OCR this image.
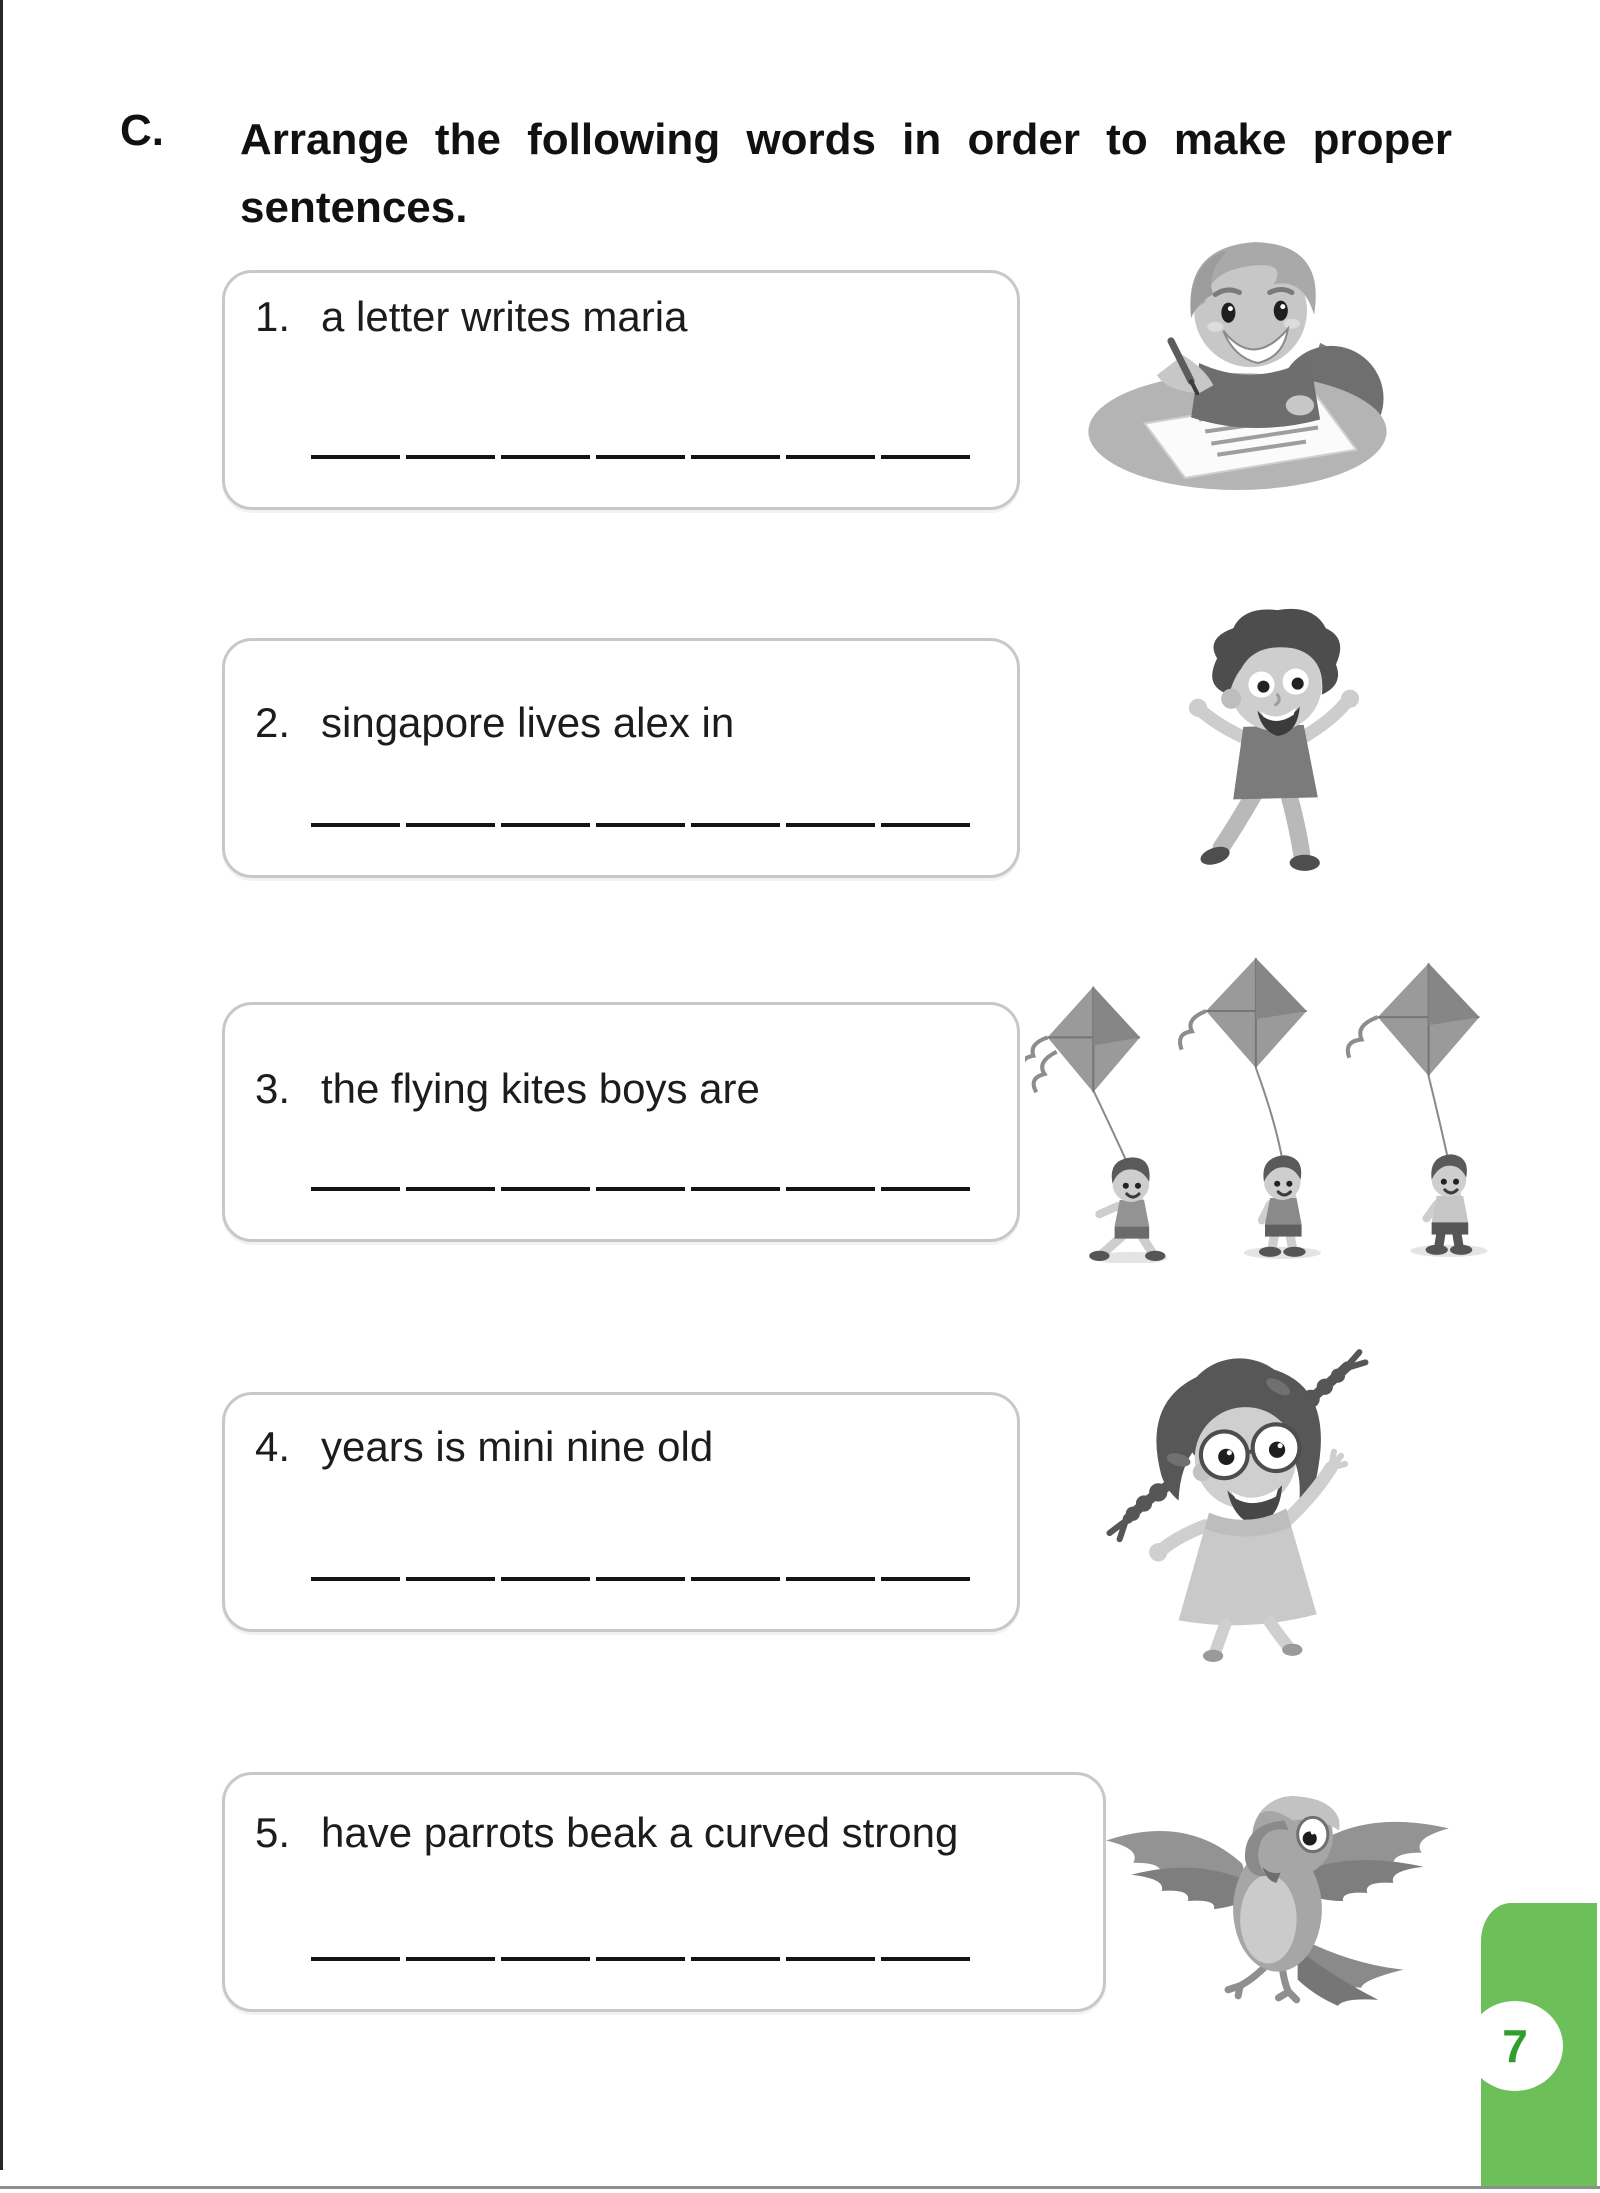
C. Arrange the following words in order to make proper sentences.
1. a letter writes maria
2. singapore lives alex in
3. the flying kites boys are
4. years is mini nine old
5. have parrots beak a curved strong
7
